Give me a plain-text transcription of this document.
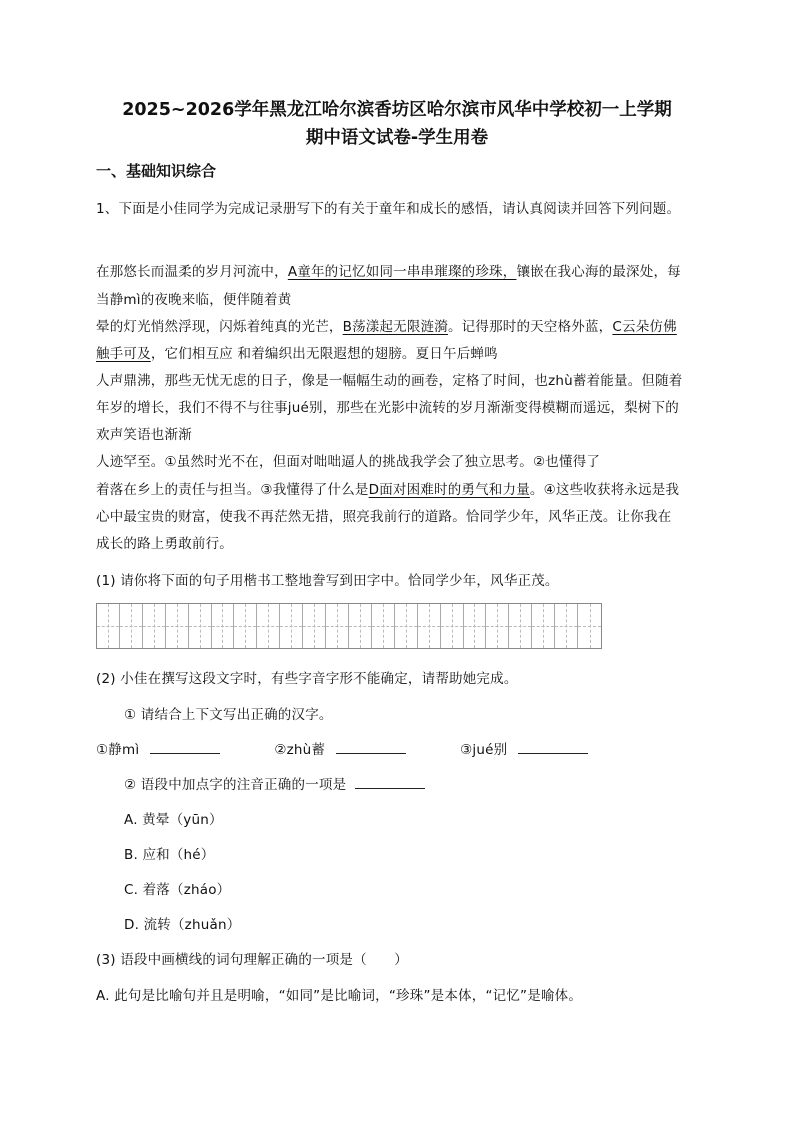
2025~2026学年黑龙江哈尔滨香坊区哈尔滨市风华中学校初一上学期
期中语文试卷-学生用卷
一、基础知识综合
1、下面是小佳同学为完成记录册写下的有关于童年和成长的感悟，请认真阅读并回答下列问题。
在那悠长而温柔的岁月河流中，A童年的记忆如同一串串璀璨的珍珠，镶嵌在我心海的最深处，每
当静mì的夜晚来临，便伴随着黄
晕的灯光悄然浮现，闪烁着纯真的光芒，B荡漾起无限涟漪。记得那时的天空格外蓝，C云朵仿佛
触手可及，它们相互应 和着编织出无限遐想的翅膀。夏日午后蝉鸣
人声鼎沸，那些无忧无虑的日子，像是一幅幅生动的画卷，定格了时间，也zhù蓄着能量。但随着
年岁的增长，我们不得不与往事jué别，那些在光影中流转的岁月渐渐变得模糊而遥远，梨树下的
欢声笑语也渐渐
人迹罕至。①虽然时光不在，但面对咄咄逼人的挑战我学会了独立思考。②也懂得了
着落在乡上的责任与担当。③我懂得了什么是D面对困难时的勇气和力量。④这些收获将永远是我
心中最宝贵的财富，使我不再茫然无措，照亮我前行的道路。恰同学少年，风华正茂。让你我在
成长的路上勇敢前行。
(1) 请你将下面的句子用楷书工整地誊写到田字中。恰同学少年，风华正茂。
(2) 小佳在撰写这段文字时，有些字音字形不能确定，请帮助她完成。
① 请结合上下文写出正确的汉字。
①静mì	②zhù蓄	③jué别
② 语段中加点字的注音正确的一项是
A. 黄晕（yūn）
B. 应和（hé）
C. 着落（zháo）
D. 流转（zhuǎn）
(3) 语段中画横线的词句理解正确的一项是（　　）
A. 此句是比喻句并且是明喻，“如同”是比喻词，“珍珠”是本体，“记忆”是喻体。
